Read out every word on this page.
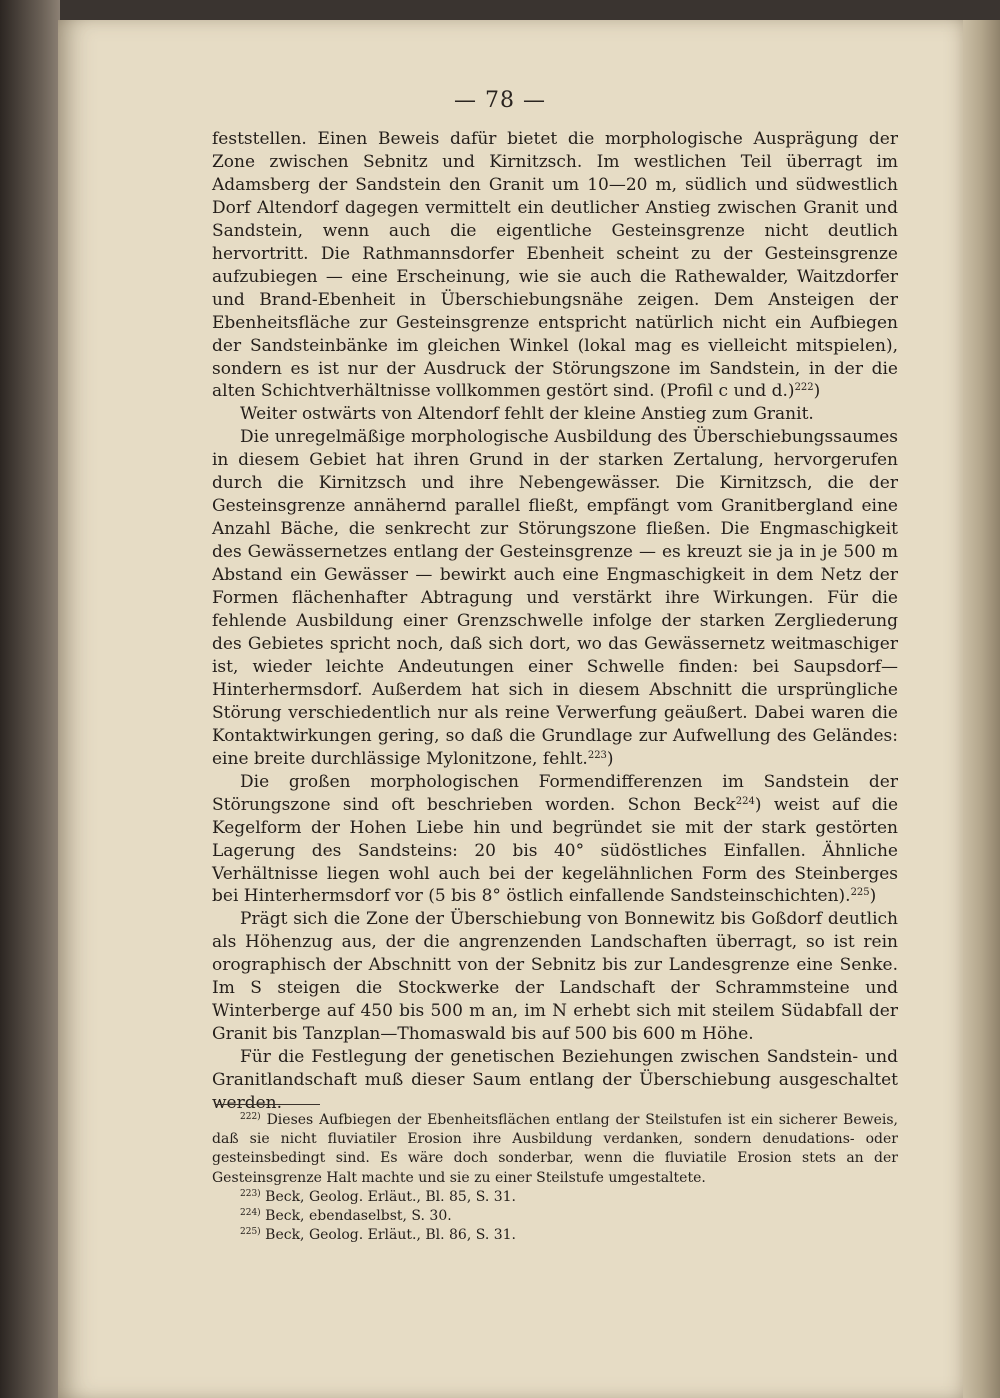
— 78 —

feststellen. Einen Beweis dafür bietet die morphologische Ausprägung der Zone zwischen Sebnitz und Kirnitzsch. Im westlichen Teil überragt im Adamsberg der Sandstein den Granit um 10—20 m, südlich und südwestlich Dorf Altendorf dagegen vermittelt ein deutlicher Anstieg zwischen Granit und Sandstein, wenn auch die eigentliche Gesteinsgrenze nicht deutlich hervortritt. Die Rathmannsdorfer Ebenheit scheint zu der Gesteinsgrenze aufzubiegen — eine Erscheinung, wie sie auch die Rathewalder, Waitzdorfer und Brand-Ebenheit in Überschiebungsnähe zeigen. Dem Ansteigen der Ebenheitsfläche zur Gesteinsgrenze entspricht natürlich nicht ein Aufbiegen der Sandsteinbänke im gleichen Winkel (lokal mag es vielleicht mitspielen), sondern es ist nur der Ausdruck der Störungszone im Sandstein, in der die alten Schichtverhältnisse vollkommen gestört sind. (Profil c und d.)$^{222}$)

Weiter ostwärts von Altendorf fehlt der kleine Anstieg zum Granit.

Die unregelmäßige morphologische Ausbildung des Überschiebungssaumes in diesem Gebiet hat ihren Grund in der starken Zertalung, hervorgerufen durch die Kirnitzsch und ihre Nebengewässer. Die Kirnitzsch, die der Gesteinsgrenze annähernd parallel fließt, empfängt vom Granitbergland eine Anzahl Bäche, die senkrecht zur Störungszone fließen. Die Engmaschigkeit des Gewässernetzes entlang der Gesteinsgrenze — es kreuzt sie ja in je 500 m Abstand ein Gewässer — bewirkt auch eine Engmaschigkeit in dem Netz der Formen flächenhafter Abtragung und verstärkt ihre Wirkungen. Für die fehlende Ausbildung einer Grenzschwelle infolge der starken Zergliederung des Gebietes spricht noch, daß sich dort, wo das Gewässernetz weitmaschiger ist, wieder leichte Andeutungen einer Schwelle finden: bei Saupsdorf—Hinterhermsdorf. Außerdem hat sich in diesem Abschnitt die ursprüngliche Störung verschiedentlich nur als reine Verwerfung geäußert. Dabei waren die Kontaktwirkungen gering, so daß die Grundlage zur Aufwellung des Geländes: eine breite durchlässige Mylonitzone, fehlt.$^{223}$)

Die großen morphologischen Formendifferenzen im Sandstein der Störungszone sind oft beschrieben worden. Schon Beck$^{224}$) weist auf die Kegelform der Hohen Liebe hin und begründet sie mit der stark gestörten Lagerung des Sandsteins: 20 bis 40° südöstliches Einfallen. Ähnliche Verhältnisse liegen wohl auch bei der kegelähnlichen Form des Steinberges bei Hinterhermsdorf vor (5 bis 8° östlich einfallende Sandsteinschichten).$^{225}$)

Prägt sich die Zone der Überschiebung von Bonnewitz bis Goßdorf deutlich als Höhenzug aus, der die angrenzenden Landschaften überragt, so ist rein orographisch der Abschnitt von der Sebnitz bis zur Landesgrenze eine Senke. Im S steigen die Stockwerke der Landschaft der Schrammsteine und Winterberge auf 450 bis 500 m an, im N erhebt sich mit steilem Südabfall der Granit bis Tanzplan—Thomaswald bis auf 500 bis 600 m Höhe.

Für die Festlegung der genetischen Beziehungen zwischen Sandstein- und Granitlandschaft muß dieser Saum entlang der Überschiebung ausgeschaltet werden.

$^{222)}$ Dieses Aufbiegen der Ebenheitsflächen entlang der Steilstufen ist ein sicherer Beweis, daß sie nicht fluviatiler Erosion ihre Ausbildung verdanken, sondern denudations- oder gesteinsbedingt sind. Es wäre doch sonderbar, wenn die fluviatile Erosion stets an der Gesteinsgrenze Halt machte und sie zu einer Steilstufe umgestaltete.

$^{223)}$ Beck, Geolog. Erläut., Bl. 85, S. 31.

$^{224)}$ Beck, ebendaselbst, S. 30.

$^{225)}$ Beck, Geolog. Erläut., Bl. 86, S. 31.
